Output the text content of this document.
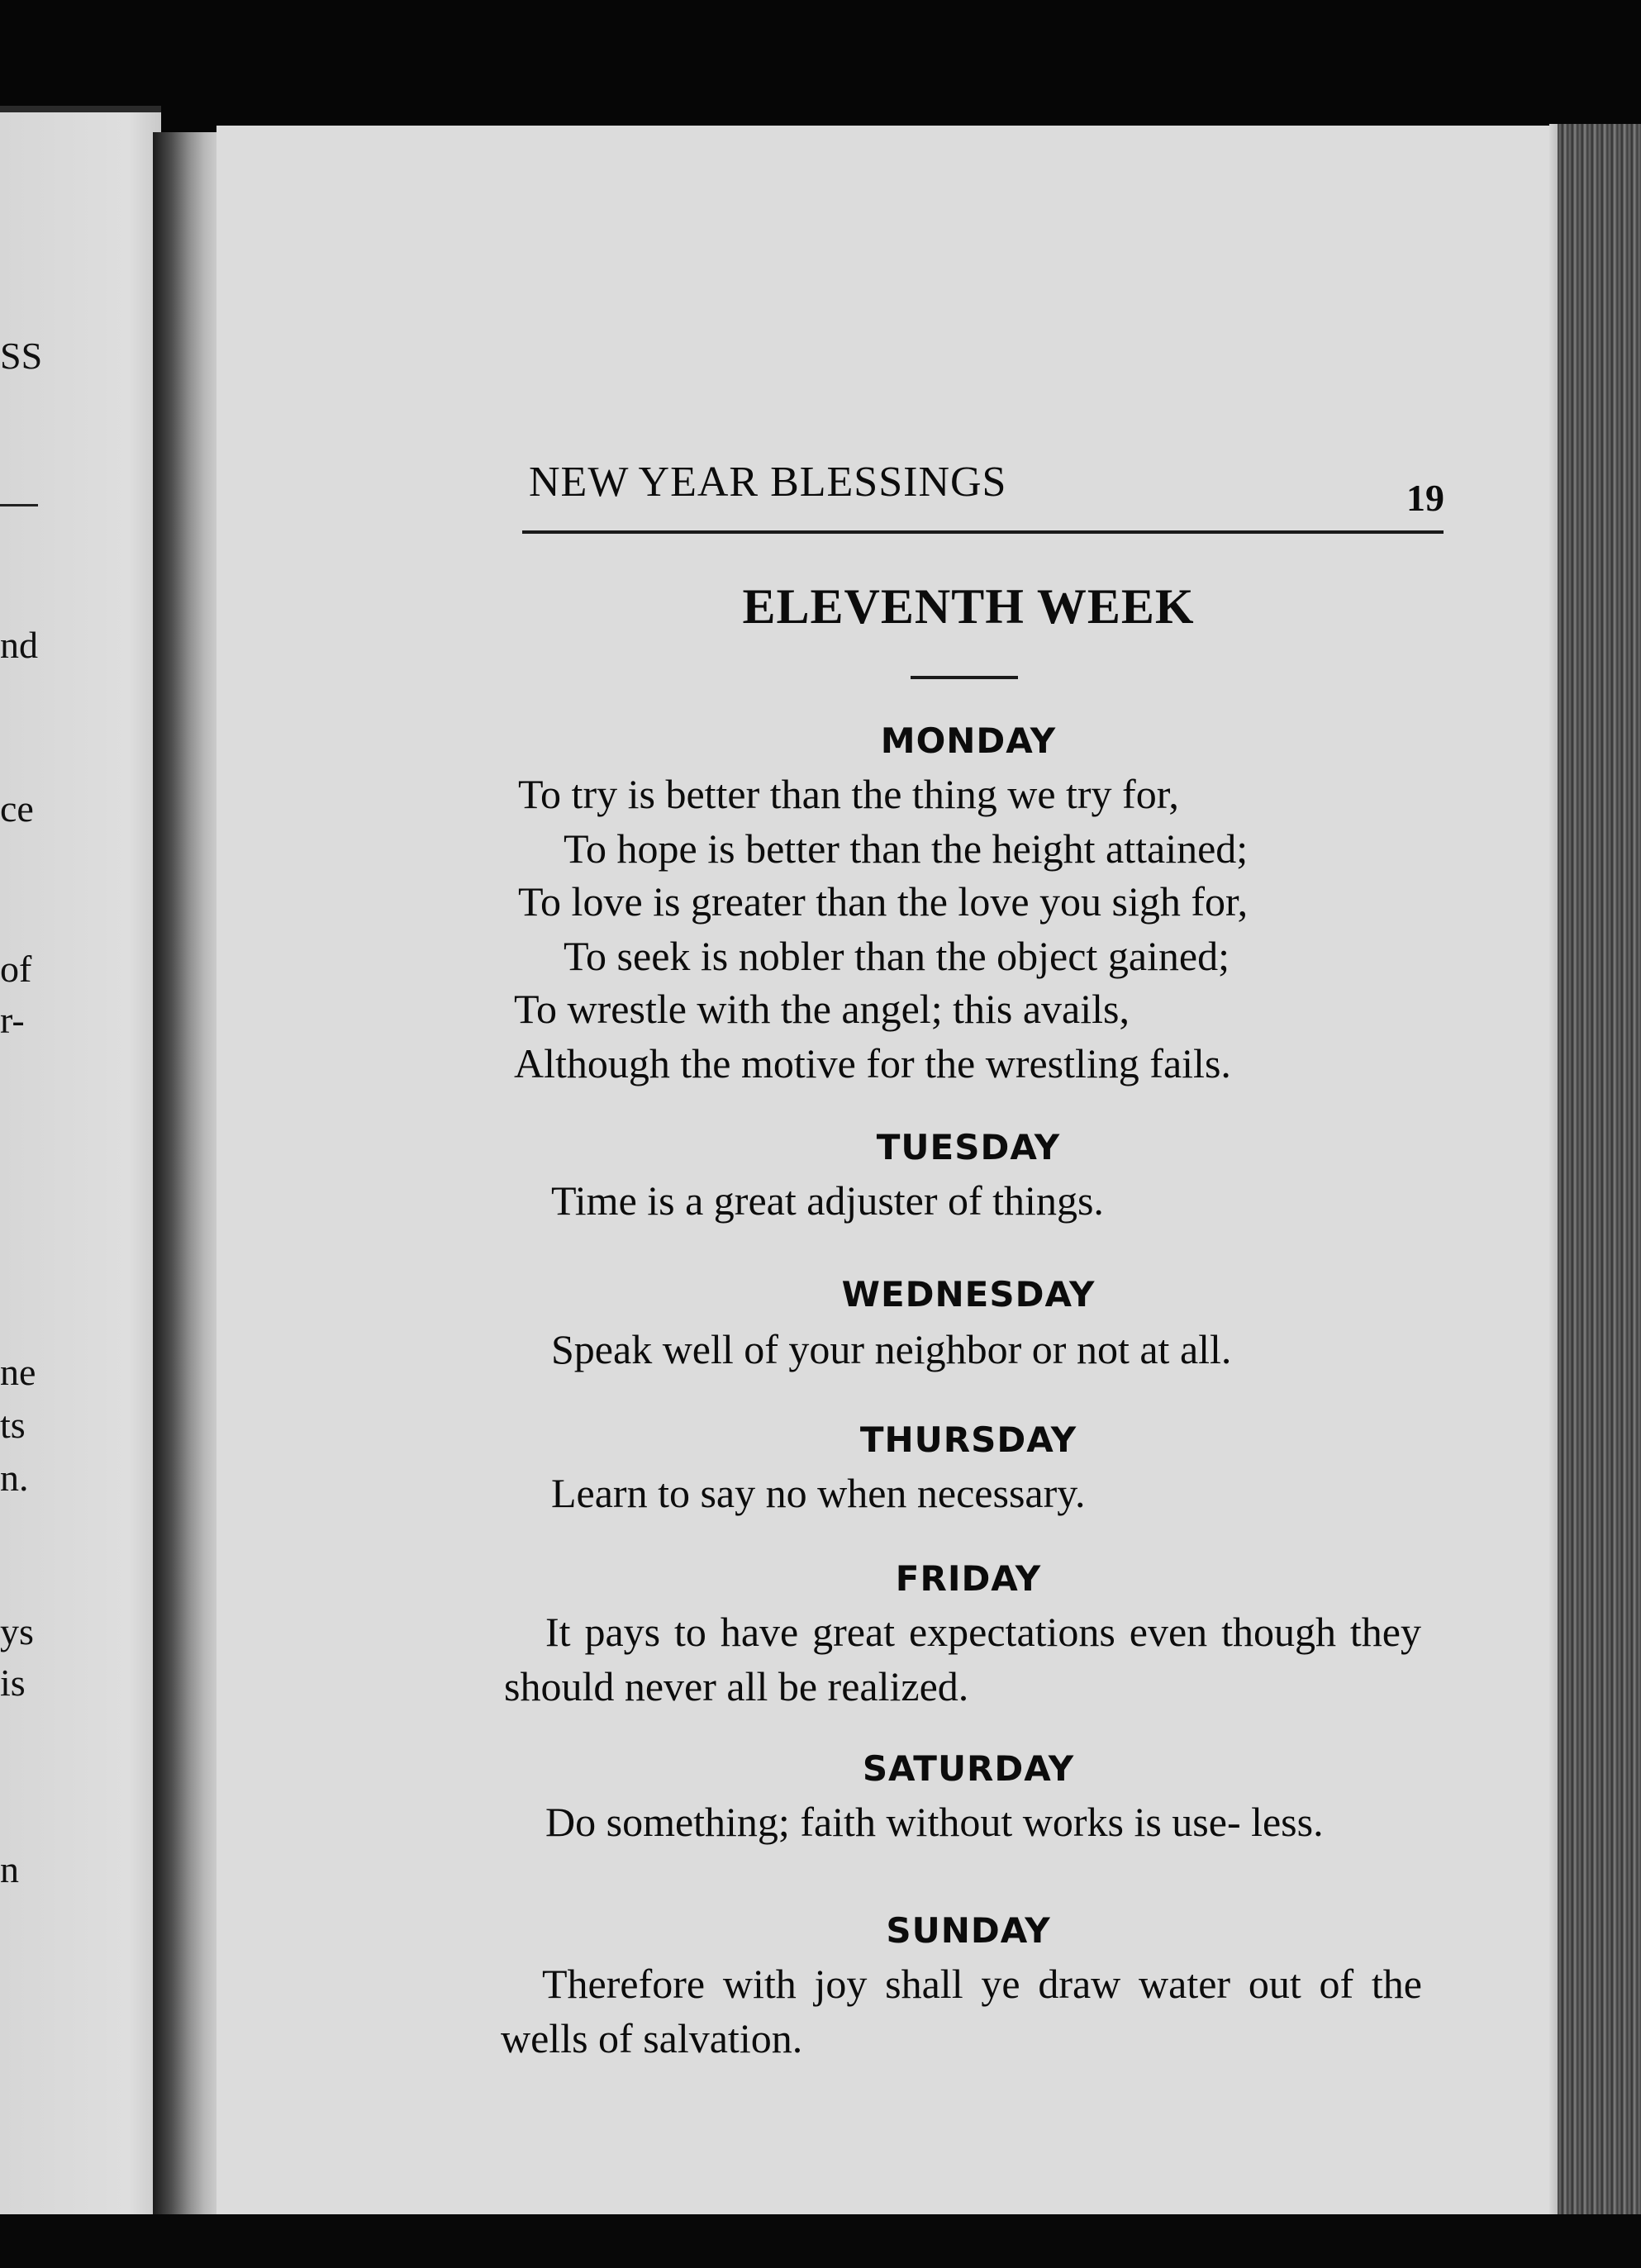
SS
nd
ce
of
r-
ne
ts
n.
ys
is
n
NEW YEAR BLESSINGS	19
ELEVENTH WEEK
MONDAY
To try is better than the thing we try for,
To hope is better than the height attained;
To love is greater than the love you sigh for,
To seek is nobler than the object gained;
To wrestle with the angel; this avails,
Although the motive for the wrestling fails.
TUESDAY
Time is a great adjuster of things.
WEDNESDAY
Speak well of your neighbor or not at all.
THURSDAY
Learn to say no when necessary.
FRIDAY
It pays to have great expectations even though they should never all be realized.
SATURDAY
Do something; faith without works is use- less.
SUNDAY
Therefore with joy shall ye draw water out of the wells of salvation.
